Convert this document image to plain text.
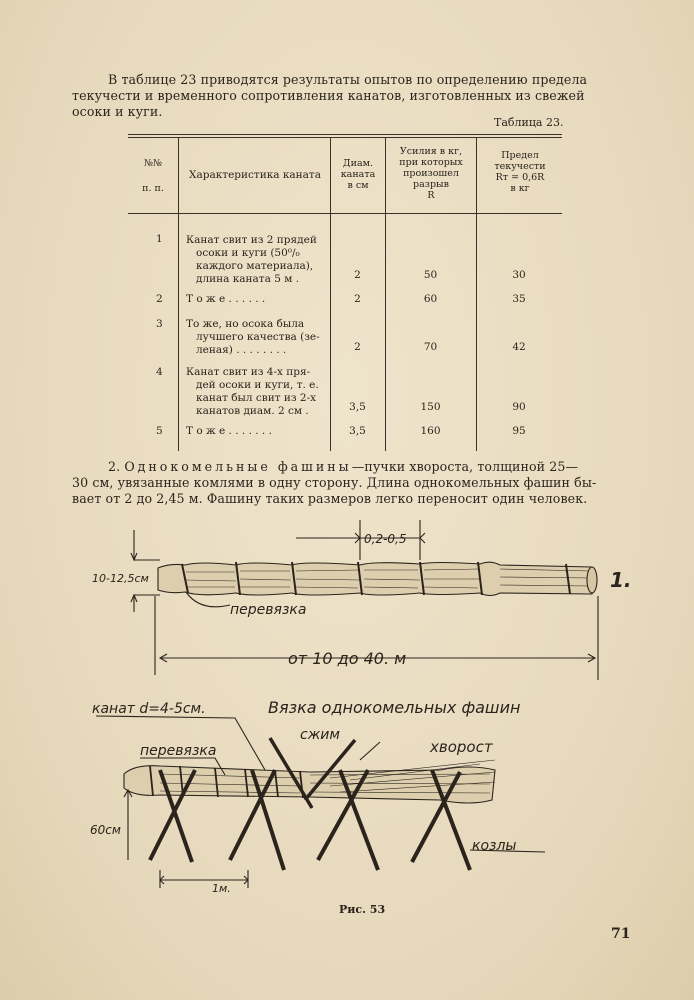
В таблице 23 приводятся результаты опытов по определению предела
текучести и временного сопротивления канатов, изготовленных из свежей
осоки и куги.
Таблица 23.
№№
п. п.
Характеристика каната
Диам.
каната
в см
Усилия в кг,
при которых
произошел
разрыв
R
Предел
текучести
Rт = 0,6R
в кг
1 Канат свит из 2 прядей
осоки и куги (50⁰/₀
каждого материала),
длина каната 5 м .	2	50	30
2 Т о ж е . . . . . .	2	60	35
3 То же, но осока была
лучшего качества (зе-
леная) . . . . . . . .	2	70	42
4 Канат свит из 4-х пря-
дей осоки и куги, т. е.
канат был свит из 2-х
канатов диам. 2 см .	3,5	150	90
5 Т о ж е . . . . . . .	3,5	160	95
2. Однокомельные фашины—пучки хвороста, толщиной 25—
30 см, увязанные комлями в одну сторону. Длина однокомельных фашин бы-
вает от 2 до 2,45 м. Фашину таких размеров легко переносит один человек.
0,2-0,5
10-12,5см
перевязка
от 10 до 40. м
1.
канат d=4-5см.	Вязка однокомельных фашин
сжим
перевязка	хворост
60см
1м.
козлы
Рис. 53
71
